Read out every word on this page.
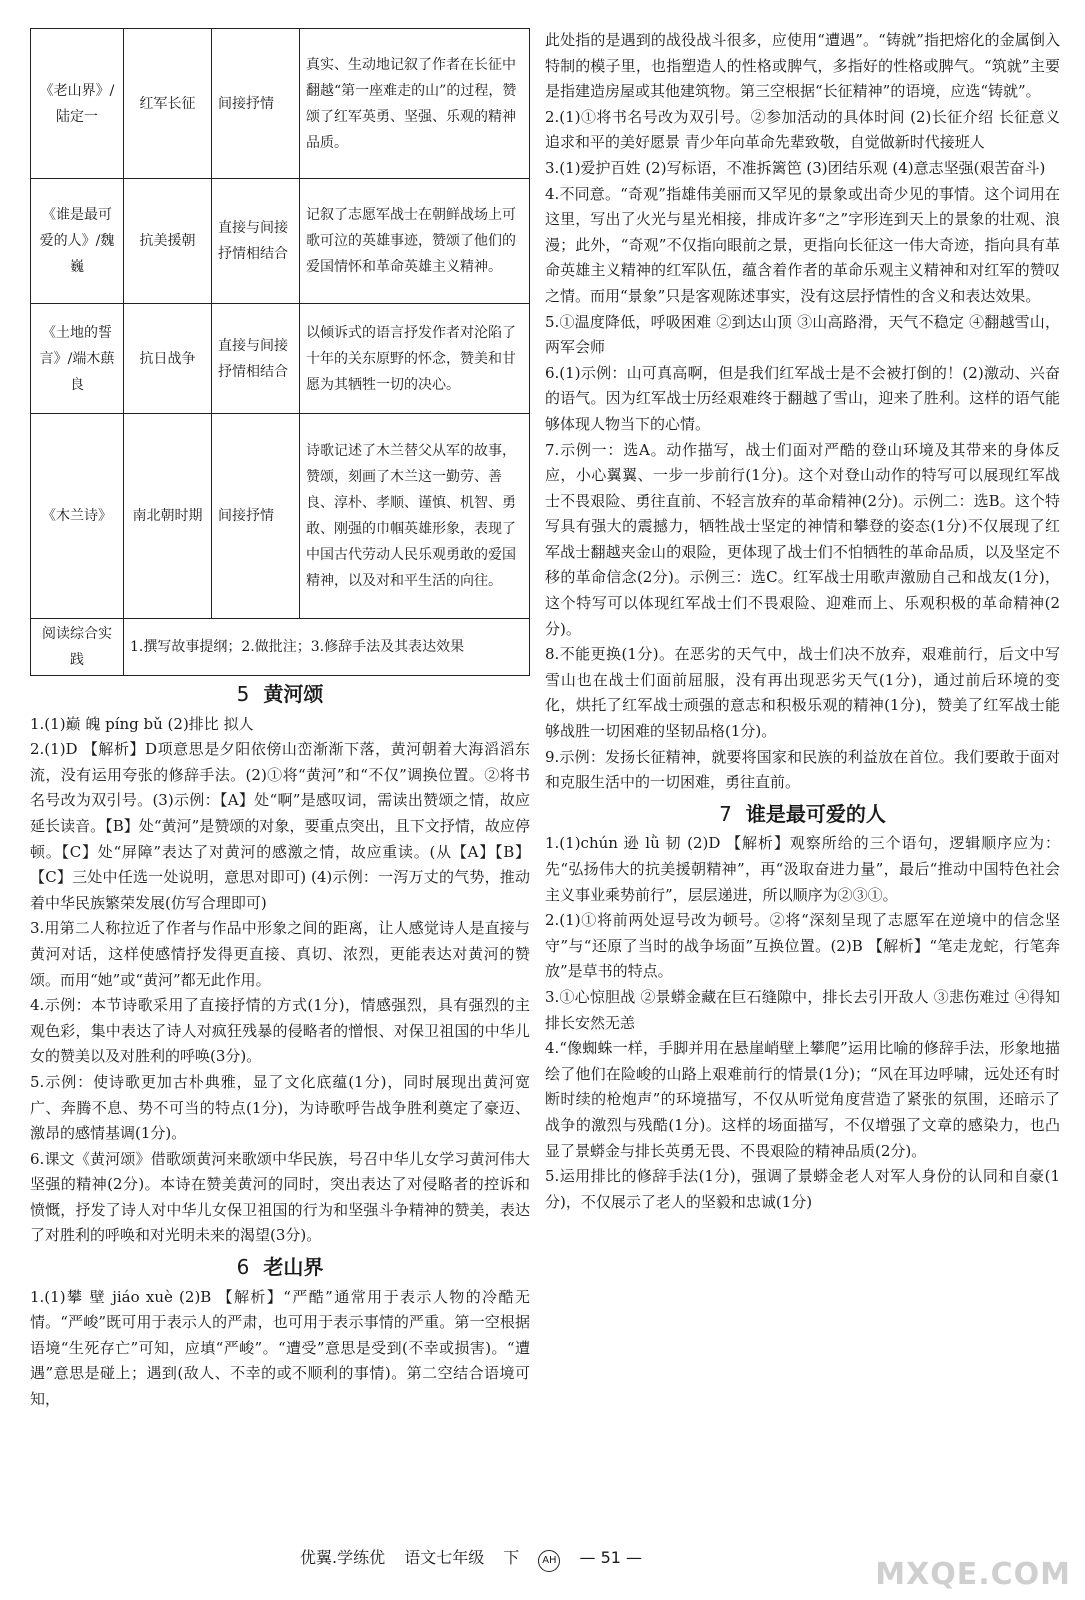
《老山界》/陆定一	红军长征	间接抒情	真实、生动地记叙了作者在长征中翻越“第一座难走的山”的过程，赞颂了红军英勇、坚强、乐观的精神品质。
《谁是最可爱的人》/魏巍	抗美援朝	直接与间接抒情相结合	记叙了志愿军战士在朝鲜战场上可歌可泣的英雄事迹，赞颂了他们的爱国情怀和革命英雄主义精神。
《土地的誓言》/端木蕻良	抗日战争	直接与间接抒情相结合	以倾诉式的语言抒发作者对沦陷了十年的关东原野的怀念，赞美和甘愿为其牺牲一切的决心。
《木兰诗》	南北朝时期	间接抒情	诗歌记述了木兰替父从军的故事，赞颂，刻画了木兰这一勤劳、善良、淳朴、孝顺、谨慎、机智、勇敢、刚强的巾帼英雄形象，表现了中国古代劳动人民乐观勇敢的爱国精神，以及对和平生活的向往。
阅读综合实践	1.撰写故事提纲；2.做批注；3.修辞手法及其表达效果		
5 黄河颂

1.(1)巅 魄 píng bǔ (2)排比 拟人

2.(1)D 【解析】D项意思是夕阳依傍山峦渐渐下落，黄河朝着大海滔滔东流，没有运用夸张的修辞手法。(2)①将“黄河”和“不仅”调换位置。②将书名号改为双引号。(3)示例：【A】处“啊”是感叹词，需读出赞颂之情，故应延长读音。【B】处“黄河”是赞颂的对象，要重点突出，且下文抒情，故应停顿。【C】处“屏障”表达了对黄河的感激之情，故应重读。(从【A】【B】【C】三处中任选一处说明，意思对即可) (4)示例：一泻万丈的气势，推动着中华民族繁荣发展(仿写合理即可)

3.用第二人称拉近了作者与作品中形象之间的距离，让人感觉诗人是直接与黄河对话，这样使感情抒发得更直接、真切、浓烈，更能表达对黄河的赞颂。而用“她”或“黄河”都无此作用。

4.示例：本节诗歌采用了直接抒情的方式(1分)，情感强烈，具有强烈的主观色彩，集中表达了诗人对疯狂残暴的侵略者的憎恨、对保卫祖国的中华儿女的赞美以及对胜利的呼唤(3分)。

5.示例：使诗歌更加古朴典雅，显了文化底蕴(1分)，同时展现出黄河宽广、奔腾不息、势不可当的特点(1分)，为诗歌呼告战争胜利奠定了豪迈、激昂的感情基调(1分)。

6.课文《黄河颂》借歌颂黄河来歌颂中华民族，号召中华儿女学习黄河伟大坚强的精神(2分)。本诗在赞美黄河的同时，突出表达了对侵略者的控诉和愤慨，抒发了诗人对中华儿女保卫祖国的行为和坚强斗争精神的赞美，表达了对胜利的呼唤和对光明未来的渴望(3分)。

6 老山界

1.(1)攀 壁 jiáo xuè (2)B 【解析】“严酷”通常用于表示人物的冷酷无情。“严峻”既可用于表示人的严肃，也可用于表示事情的严重。第一空根据语境“生死存亡”可知，应填“严峻”。“遭受”意思是受到(不幸或损害)。“遭遇”意思是碰上；遇到(敌人、不幸的或不顺利的事情)。第二空结合语境可知，

此处指的是遇到的战役战斗很多，应使用“遭遇”。“铸就”指把熔化的金属倒入特制的模子里，也指塑造人的性格或脾气，多指好的性格或脾气。“筑就”主要是指建造房屋或其他建筑物。第三空根据“长征精神”的语境，应选“铸就”。

2.(1)①将书名号改为双引号。②参加活动的具体时间 (2)长征介绍 长征意义 追求和平的美好愿景 青少年向革命先辈致敬，自觉做新时代接班人

3.(1)爱护百姓 (2)写标语，不准拆篱笆 (3)团结乐观 (4)意志坚强(艰苦奋斗)

4.不同意。“奇观”指雄伟美丽而又罕见的景象或出奇少见的事情。这个词用在这里，写出了火光与星光相接，排成许多“之”字形连到天上的景象的壮观、浪漫；此外，“奇观”不仅指向眼前之景，更指向长征这一伟大奇迹，指向具有革命英雄主义精神的红军队伍，蕴含着作者的革命乐观主义精神和对红军的赞叹之情。而用“景象”只是客观陈述事实，没有这层抒情性的含义和表达效果。

5.①温度降低，呼吸困难 ②到达山顶 ③山高路滑，天气不稳定 ④翻越雪山，两军会师

6.(1)示例：山可真高啊，但是我们红军战士是不会被打倒的！(2)激动、兴奋的语气。因为红军战士历经艰难终于翻越了雪山，迎来了胜利。这样的语气能够体现人物当下的心情。

7.示例一：选A。动作描写，战士们面对严酷的登山环境及其带来的身体反应，小心翼翼、一步一步前行(1分)。这个对登山动作的特写可以展现红军战士不畏艰险、勇往直前、不轻言放弃的革命精神(2分)。示例二：选B。这个特写具有强大的震撼力，牺牲战士坚定的神情和攀登的姿态(1分)不仅展现了红军战士翻越夹金山的艰险，更体现了战士们不怕牺牲的革命品质，以及坚定不移的革命信念(2分)。示例三：选C。红军战士用歌声激励自己和战友(1分)，这个特写可以体现红军战士们不畏艰险、迎难而上、乐观积极的革命精神(2分)。

8.不能更换(1分)。在恶劣的天气中，战士们决不放弃，艰难前行，后文中写雪山也在战士们面前屈服，没有再出现恶劣天气(1分)，通过前后环境的变化，烘托了红军战士顽强的意志和积极乐观的精神(1分)，赞美了红军战士能够战胜一切困难的坚韧品格(1分)。

9.示例：发扬长征精神，就要将国家和民族的利益放在首位。我们要敢于面对和克服生活中的一切困难，勇往直前。

7 谁是最可爱的人

1.(1)chún 逊 lǜ 韧 (2)D 【解析】观察所给的三个语句，逻辑顺序应为：先“弘扬伟大的抗美援朝精神”，再“汲取奋进力量”，最后“推动中国特色社会主义事业乘势前行”，层层递进，所以顺序为②③①。

2.(1)①将前两处逗号改为顿号。②将“深刻呈现了志愿军在逆境中的信念坚守”与“还原了当时的战争场面”互换位置。(2)B 【解析】“笔走龙蛇，行笔奔放”是草书的特点。

3.①心惊胆战 ②景蟒金藏在巨石缝隙中，排长去引开敌人 ③悲伤难过 ④得知排长安然无恙

4.“像蜘蛛一样，手脚并用在悬崖峭壁上攀爬”运用比喻的修辞手法，形象地描绘了他们在险峻的山路上艰难前行的情景(1分)；“风在耳边呼啸，远处还有时断时续的枪炮声”的环境描写，不仅从听觉角度营造了紧张的氛围，还暗示了战争的激烈与残酷(1分)。这样的场面描写，不仅增强了文章的感染力，也凸显了景蟒金与排长英勇无畏、不畏艰险的精神品质(2分)。

5.运用排比的修辞手法(1分)，强调了景蟒金老人对军人身份的认同和自豪(1分)，不仅展示了老人的坚毅和忠诚(1分)

优翼.学练优 语文七年级 下 AH — 51 —	MXQE.COM
